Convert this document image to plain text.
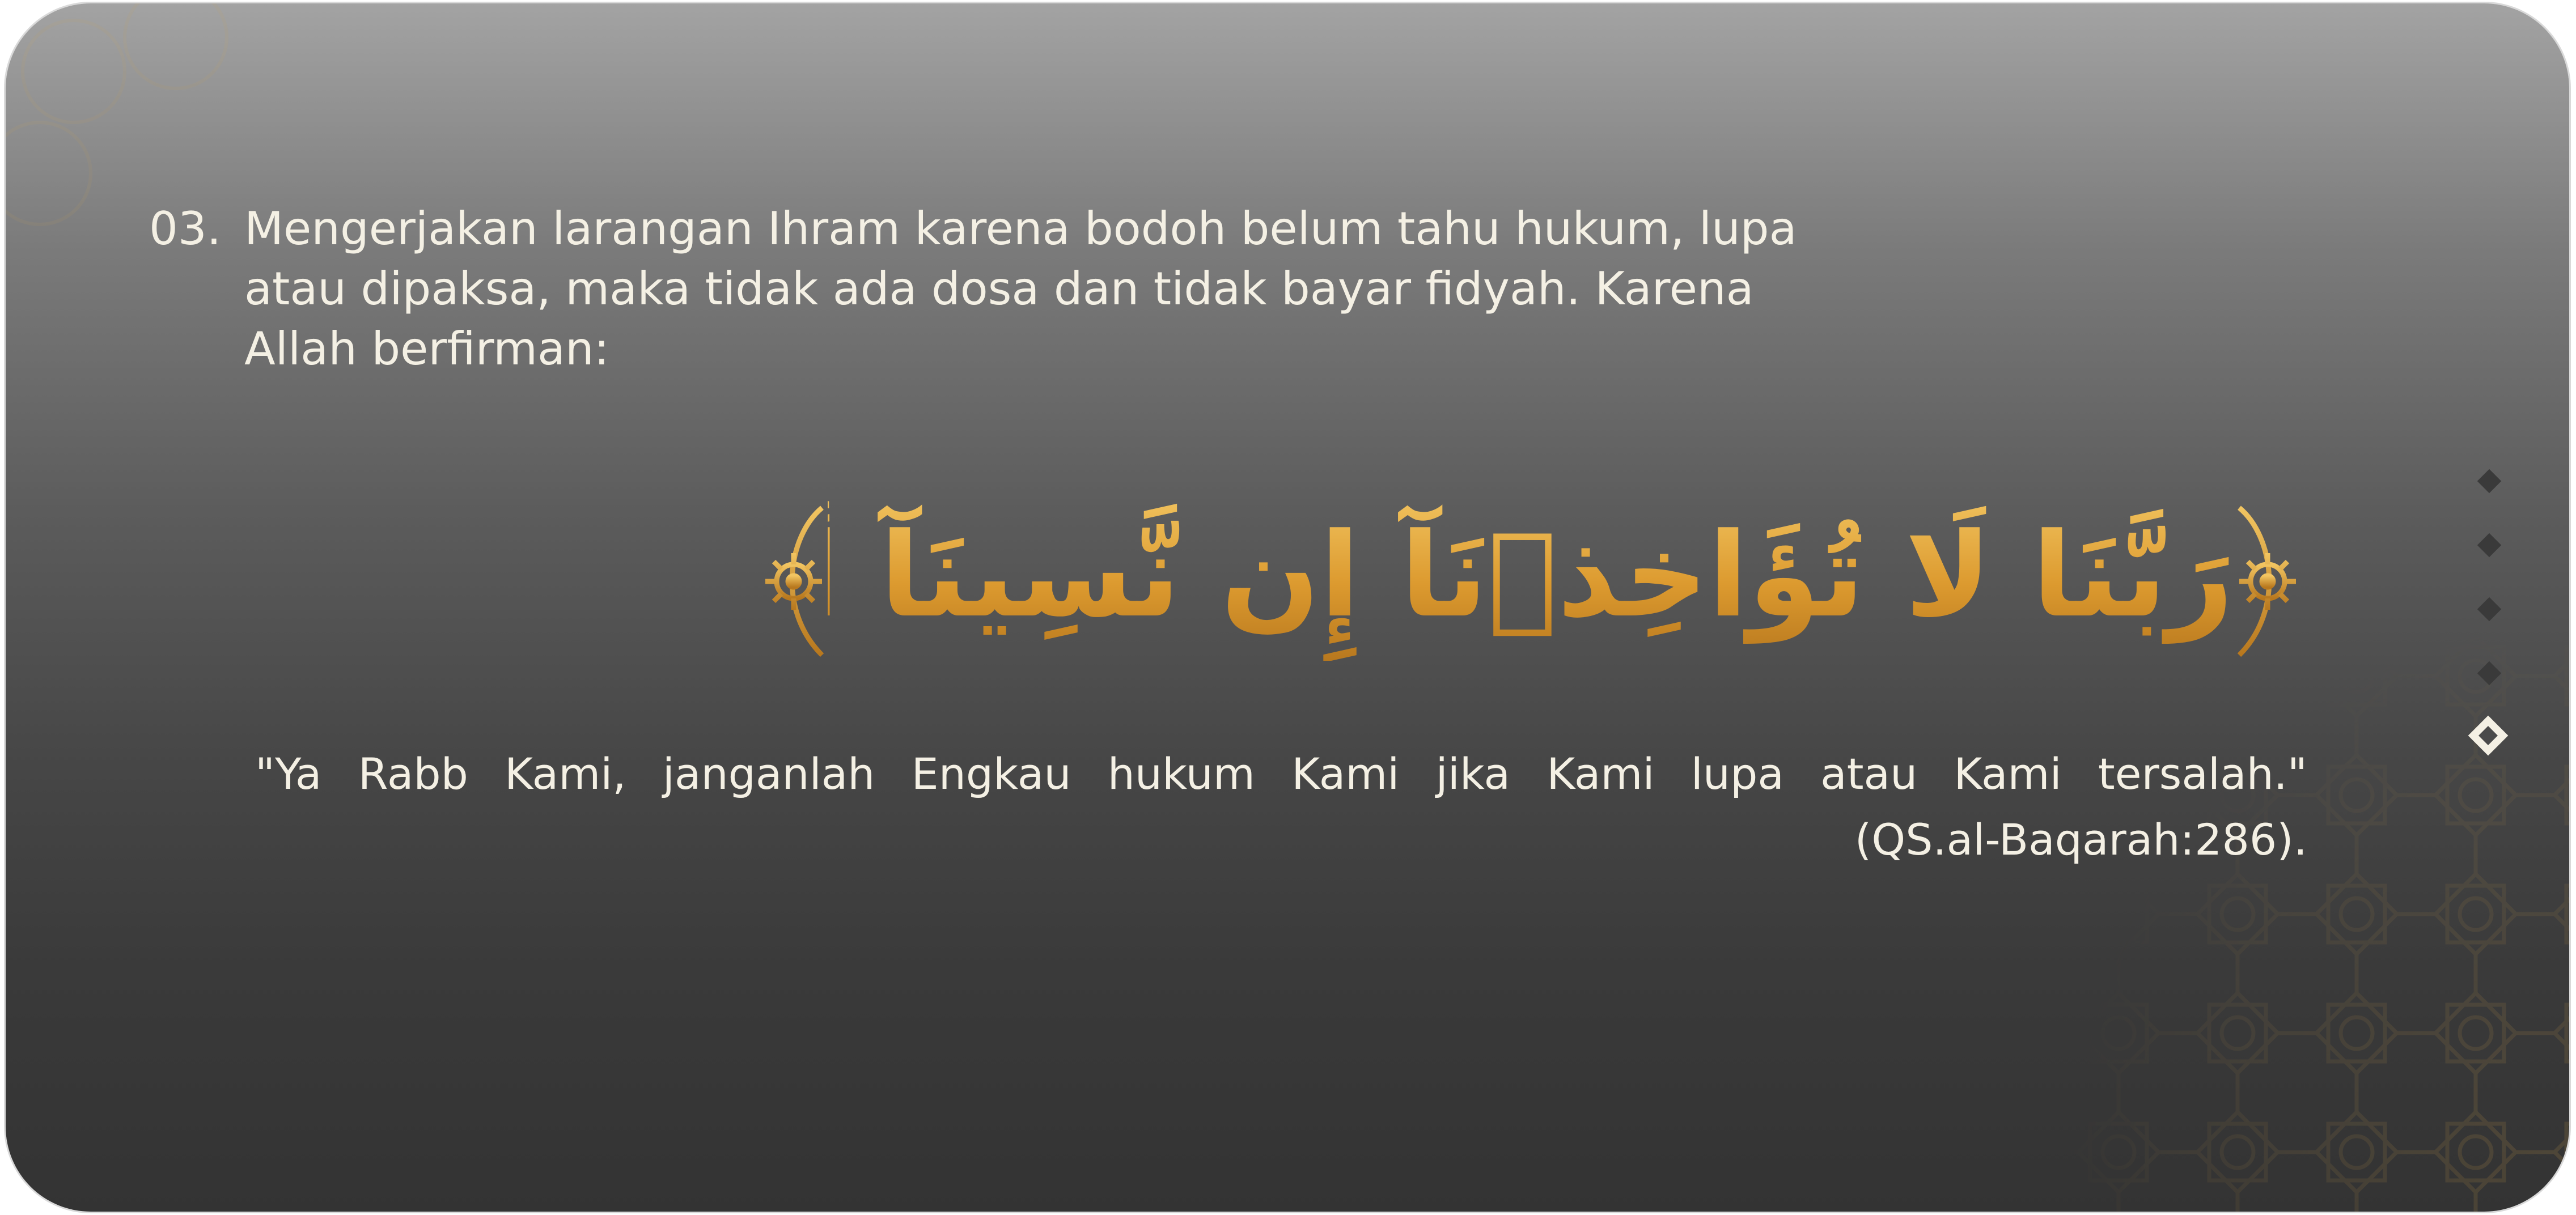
03. Mengerjakan larangan Ihram karena bodoh belum tahu hukum, lupa
atau dipaksa, maka tidak ada dosa dan tidak bayar fidyah. Karena
Allah berfirman:
رَبَّنَا لَا تُؤَاخِذۡنَآ إِن نَّسِينَآ أَوۡ أَخۡطَأۡنَاۚ
"Ya Rabb Kami, janganlah Engkau hukum Kami jika Kami lupa atau Kami tersalah."
(QS.al-Baqarah:286).
